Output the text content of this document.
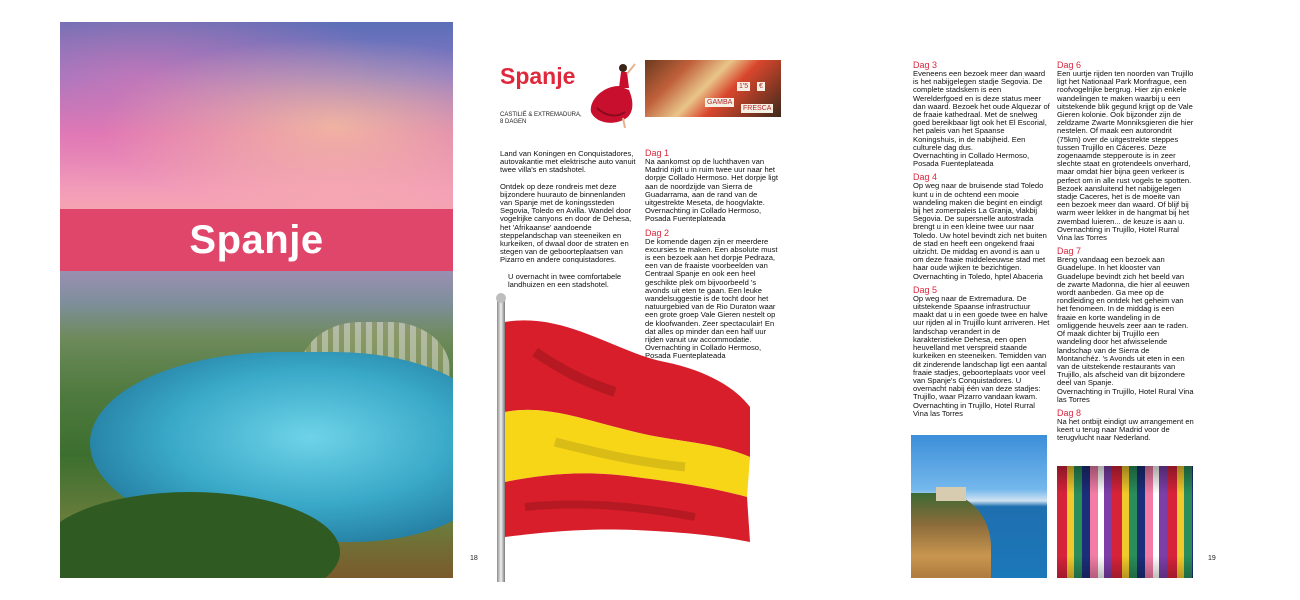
Spanje
18
Spanje	1'5 €
GAMBA
FRESCA
CASTILIË & EXTREMADURA,
8 DAGEN

Land van Koningen en Conquistadores, autovakantie met elektrische auto vanuit twee villa's en stadshotel.

Ontdek op deze rondreis met deze bijzondere huurauto de binnenlanden van Spanje met de koningssteden Segovia, Toledo en Avilla. Wandel door vogelrijke canyons en door de Dehesa, het 'Afrikaanse' aandoende steppelandschap van steeneiken en kurkeiken, of dwaal door de straten en stegen van de geboorteplaatsen van Pizarro en andere conquistadores.

U overnacht in twee comfortabele landhuizen en een stadshotel.

Dag 1

Na aankomst op de luchthaven van Madrid rijdt u in ruim twee uur naar het dorpje Collado Hermoso. Het dorpje ligt aan de noordzijde van Sierra de Guadarrama, aan de rand van de uitgestrekte Meseta, de hoogvlakte.

Overnachting in Collado Hermoso, Posada Fuenteplateada

Dag 2

De komende dagen zijn er meerdere excursies te maken. Een absolute must is een bezoek aan het dorpje Pedraza, een van de fraaiste voorbeelden van Centraal Spanje en ook een heel geschikte plek om bijvoorbeeld 's avonds uit eten te gaan. Een leuke wandelsuggestie is de tocht door het natuurgebied van de Rio Duraton waar een grote groep Vale Gieren nestelt op de kloofwanden. Zeer spectaculair! En dat alles op minder dan een half uur rijden vanuit uw accommodatie.

Overnachting in Collado Hermoso, Posada Fuenteplateada

Dag 3

Eveneens een bezoek meer dan waard is het nabijgelegen stadje Segovia. De complete stadskern is een Werelderfgoed en is deze status meer dan waard. Bezoek het oude Alquezar of de fraaie kathedraal. Met de snelweg goed bereikbaar ligt ook het El Escorial, het paleis van het Spaanse Koningshuis, in de nabijheid. Een culturele dag dus.

Overnachting in Collado Hermoso, Posada Fuenteplateada

Dag 4

Op weg naar de bruisende stad Toledo kunt u in de ochtend een mooie wandeling maken die begint en eindigt bij het zomerpaleis La Granja, vlakbij Segovia. De supersnelle autostrada brengt u in een kleine twee uur naar Toledo. Uw hotel bevindt zich net buiten de stad en heeft een ongekend fraai uitzicht. De middag en avond is aan u om deze fraaie middeleeuwse stad met haar oude wijken te bezichtigen. Overnachting in Toledo, hptel Abaceria

Dag 5

Op weg naar de Extremadura. De uitstekende Spaanse infrastructuur maakt dat u in een goede twee en halve uur rijden al in Trujillo kunt arriveren. Het landschap verandert in de karakteristieke Dehesa, een open heuvelland met verspreid staande kurkeiken en steeneiken. Temidden van dit zinderende landschap ligt een aantal fraaie stadjes, geboorteplaats voor veel van Spanje's Conquistadores. U overnacht nabij één van deze stadjes: Trujillo, waar Pizarro vandaan kwam.

Overnachting in Trujillo, Hotel Rurral Vina las Torres

Dag 6

Een uurtje rijden ten noorden van Trujillo ligt het Nationaal Park Monfrague, een roofvogelrijke bergrug. Hier zijn enkele wandelingen te maken waarbij u een uitstekende blik gegund krijgt op de Vale Gieren kolonie. Ook bijzonder zijn de zeldzame Zwarte Monniksgieren die hier nestelen. Of maak een autorondrit (75km) over de uitgestrekte steppes tussen Trujillo en Cáceres. Deze zogenaamde stepperoute is in zeer slechte staat en grotendeels onverhard, maar omdat hier bijna geen verkeer is perfect om in alle rust vogels te spotten. Bezoek aansluitend het nabijgelegen stadje Caceres, het is de moeite van een bezoek meer dan waard. Of blijf bij warm weer lekker in de hangmat bij het zwembad luieren... de keuze is aan u.

Overnachting in Trujillo, Hotel Rurral Vina las Torres

Dag 7

Breng vandaag een bezoek aan Guadelupe. In het klooster van Guadelupe bevindt zich het beeld van de zwarte Madonna, die hier al eeuwen wordt aanbeden. Ga mee op de rondleiding en ontdek het geheim van het fenomeen. In de middag is een fraaie en korte wandeling in de omliggende heuvels zeer aan te raden. Of maak dichter bij Trujillo een wandeling door het afwisselende landschap van de Sierra de Montanchéz. 's Avonds uit eten in een van de uitstekende restaurants van Trujillo, als afscheid van dit bijzondere deel van Spanje.

Overnachting in Trujillo, Hotel Rural Vina las Torres

Dag 8

Na het ontbijt eindigt uw arrangement en keert u terug naar Madrid voor de terugvlucht naar Nederland.

19
